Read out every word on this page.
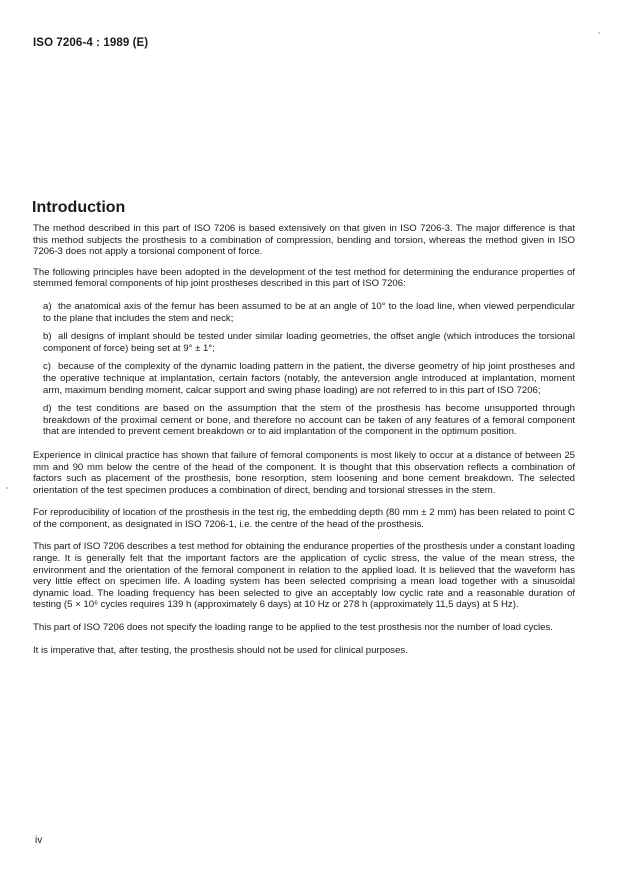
ISO 7206-4 : 1989 (E)
Introduction

The method described in this part of ISO 7206 is based extensively on that given in ISO 7206-3. The major difference is that this method subjects the prosthesis to a combination of compression, bending and torsion, whereas the method given in ISO 7206-3 does not apply a torsional component of force.

The following principles have been adopted in the development of the test method for determining the endurance properties of stemmed femoral components of hip joint prostheses described in this part of ISO 7206:

a) the anatomical axis of the femur has been assumed to be at an angle of 10° to the load line, when viewed perpendicular to the plane that includes the stem and neck;
b) all designs of implant should be tested under similar loading geometries, the offset angle (which introduces the torsional component of force) being set at 9° ± 1°;
c) because of the complexity of the dynamic loading pattern in the patient, the diverse geometry of hip joint prostheses and the operative technique at implantation, certain factors (notably, the anteversion angle introduced at implantation, moment arm, maximum bending moment, calcar support and swing phase loading) are not referred to in this part of ISO 7206;
d) the test conditions are based on the assumption that the stem of the prosthesis has become unsupported through breakdown of the proximal cement or bone, and therefore no account can be taken of any features of a femoral component that are intended to prevent cement breakdown or to aid implantation of the component in the optimum position.

Experience in clinical practice has shown that failure of femoral components is most likely to occur at a distance of between 25 mm and 90 mm below the centre of the head of the component. It is thought that this observation reflects a combination of factors such as placement of the prosthesis, bone resorption, stem loosening and bone cement breakdown. The selected orientation of the test specimen produces a combination of direct, bending and torsional stresses in the stem.

For reproducibility of location of the prosthesis in the test rig, the embedding depth (80 mm ± 2 mm) has been related to point C of the component, as designated in ISO 7206-1, i.e. the centre of the head of the prosthesis.

This part of ISO 7206 describes a test method for obtaining the endurance properties of the prosthesis under a constant loading range. It is generally felt that the important factors are the application of cyclic stress, the value of the mean stress, the environment and the orientation of the femoral component in relation to the applied load. It is believed that the waveform has very little effect on specimen life. A loading system has been selected comprising a mean load together with a sinusoidal dynamic load. The loading frequency has been selected to give an acceptably low cyclic rate and a reasonable duration of testing (5 × 10⁶ cycles requires 139 h (approximately 6 days) at 10 Hz or 278 h (approximately 11,5 days) at 5 Hz).

This part of ISO 7206 does not specify the loading range to be applied to the test prosthesis nor the number of load cycles.

It is imperative that, after testing, the prosthesis should not be used for clinical purposes.

iv
